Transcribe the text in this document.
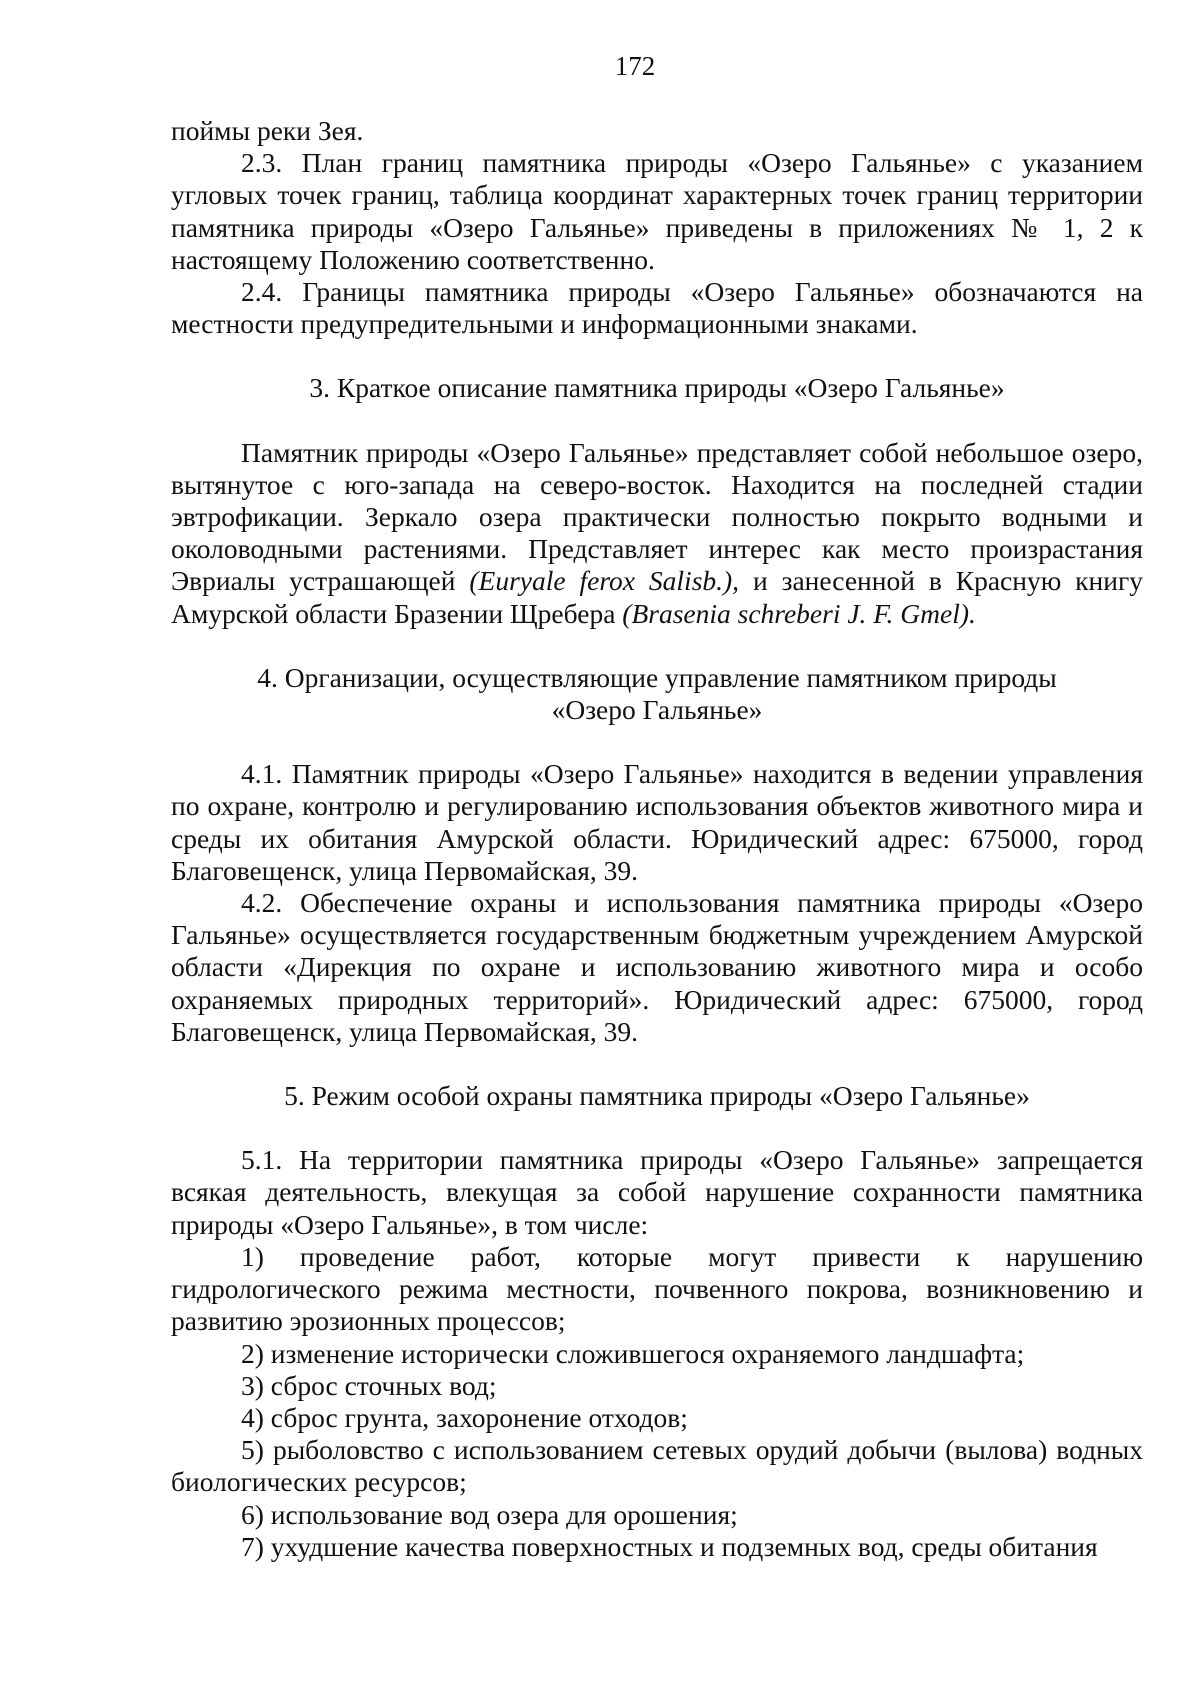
172

поймы реки Зея.

2.3. План границ памятника природы «Озеро Гальянье» с указанием угловых точек границ, таблица координат характерных точек границ территории памятника природы «Озеро Гальянье» приведены в приложениях № 1, 2 к настоящему Положению соответственно.

2.4. Границы памятника природы «Озеро Гальянье» обозначаются на местности предупредительными и информационными знаками.

3. Краткое описание памятника природы «Озеро Гальянье»

Памятник природы «Озеро Гальянье» представляет собой небольшое озеро, вытянутое с юго-запада на северо-восток. Находится на последней стадии эвтрофикации. Зеркало озера практически полностью покрыто водными и околоводными растениями. Представляет интерес как место произрастания Эвриалы устрашающей (Euryale ferox Salisb.), и занесенной в Красную книгу Амурской области Бразении Щребера (Brasenia schreberi J. F. Gmel).

4. Организации, осуществляющие управление памятником природы

«Озеро Гальянье»

4.1. Памятник природы «Озеро Гальянье» находится в ведении управления по охране, контролю и регулированию использования объектов животного мира и среды их обитания Амурской области. Юридический адрес: 675000, город Благовещенск, улица Первомайская, 39.

4.2. Обеспечение охраны и использования памятника природы «Озеро Гальянье» осуществляется государственным бюджетным учреждением Амурской области «Дирекция по охране и использованию животного мира и особо охраняемых природных территорий». Юридический адрес: 675000, город Благовещенск, улица Первомайская, 39.

5. Режим особой охраны памятника природы «Озеро Гальянье»

5.1. На территории памятника природы «Озеро Гальянье» запрещается всякая деятельность, влекущая за собой нарушение сохранности памятника природы «Озеро Гальянье», в том числе:

1) проведение работ, которые могут привести к нарушению гидрологического режима местности, почвенного покрова, возникновению и развитию эрозионных процессов;

2) изменение исторически сложившегося охраняемого ландшафта;

3) сброс сточных вод;

4) сброс грунта, захоронение отходов;

5) рыболовство с использованием сетевых орудий добычи (вылова) водных биологических ресурсов;

6) использование вод озера для орошения;

7) ухудшение качества поверхностных и подземных вод, среды обитания
